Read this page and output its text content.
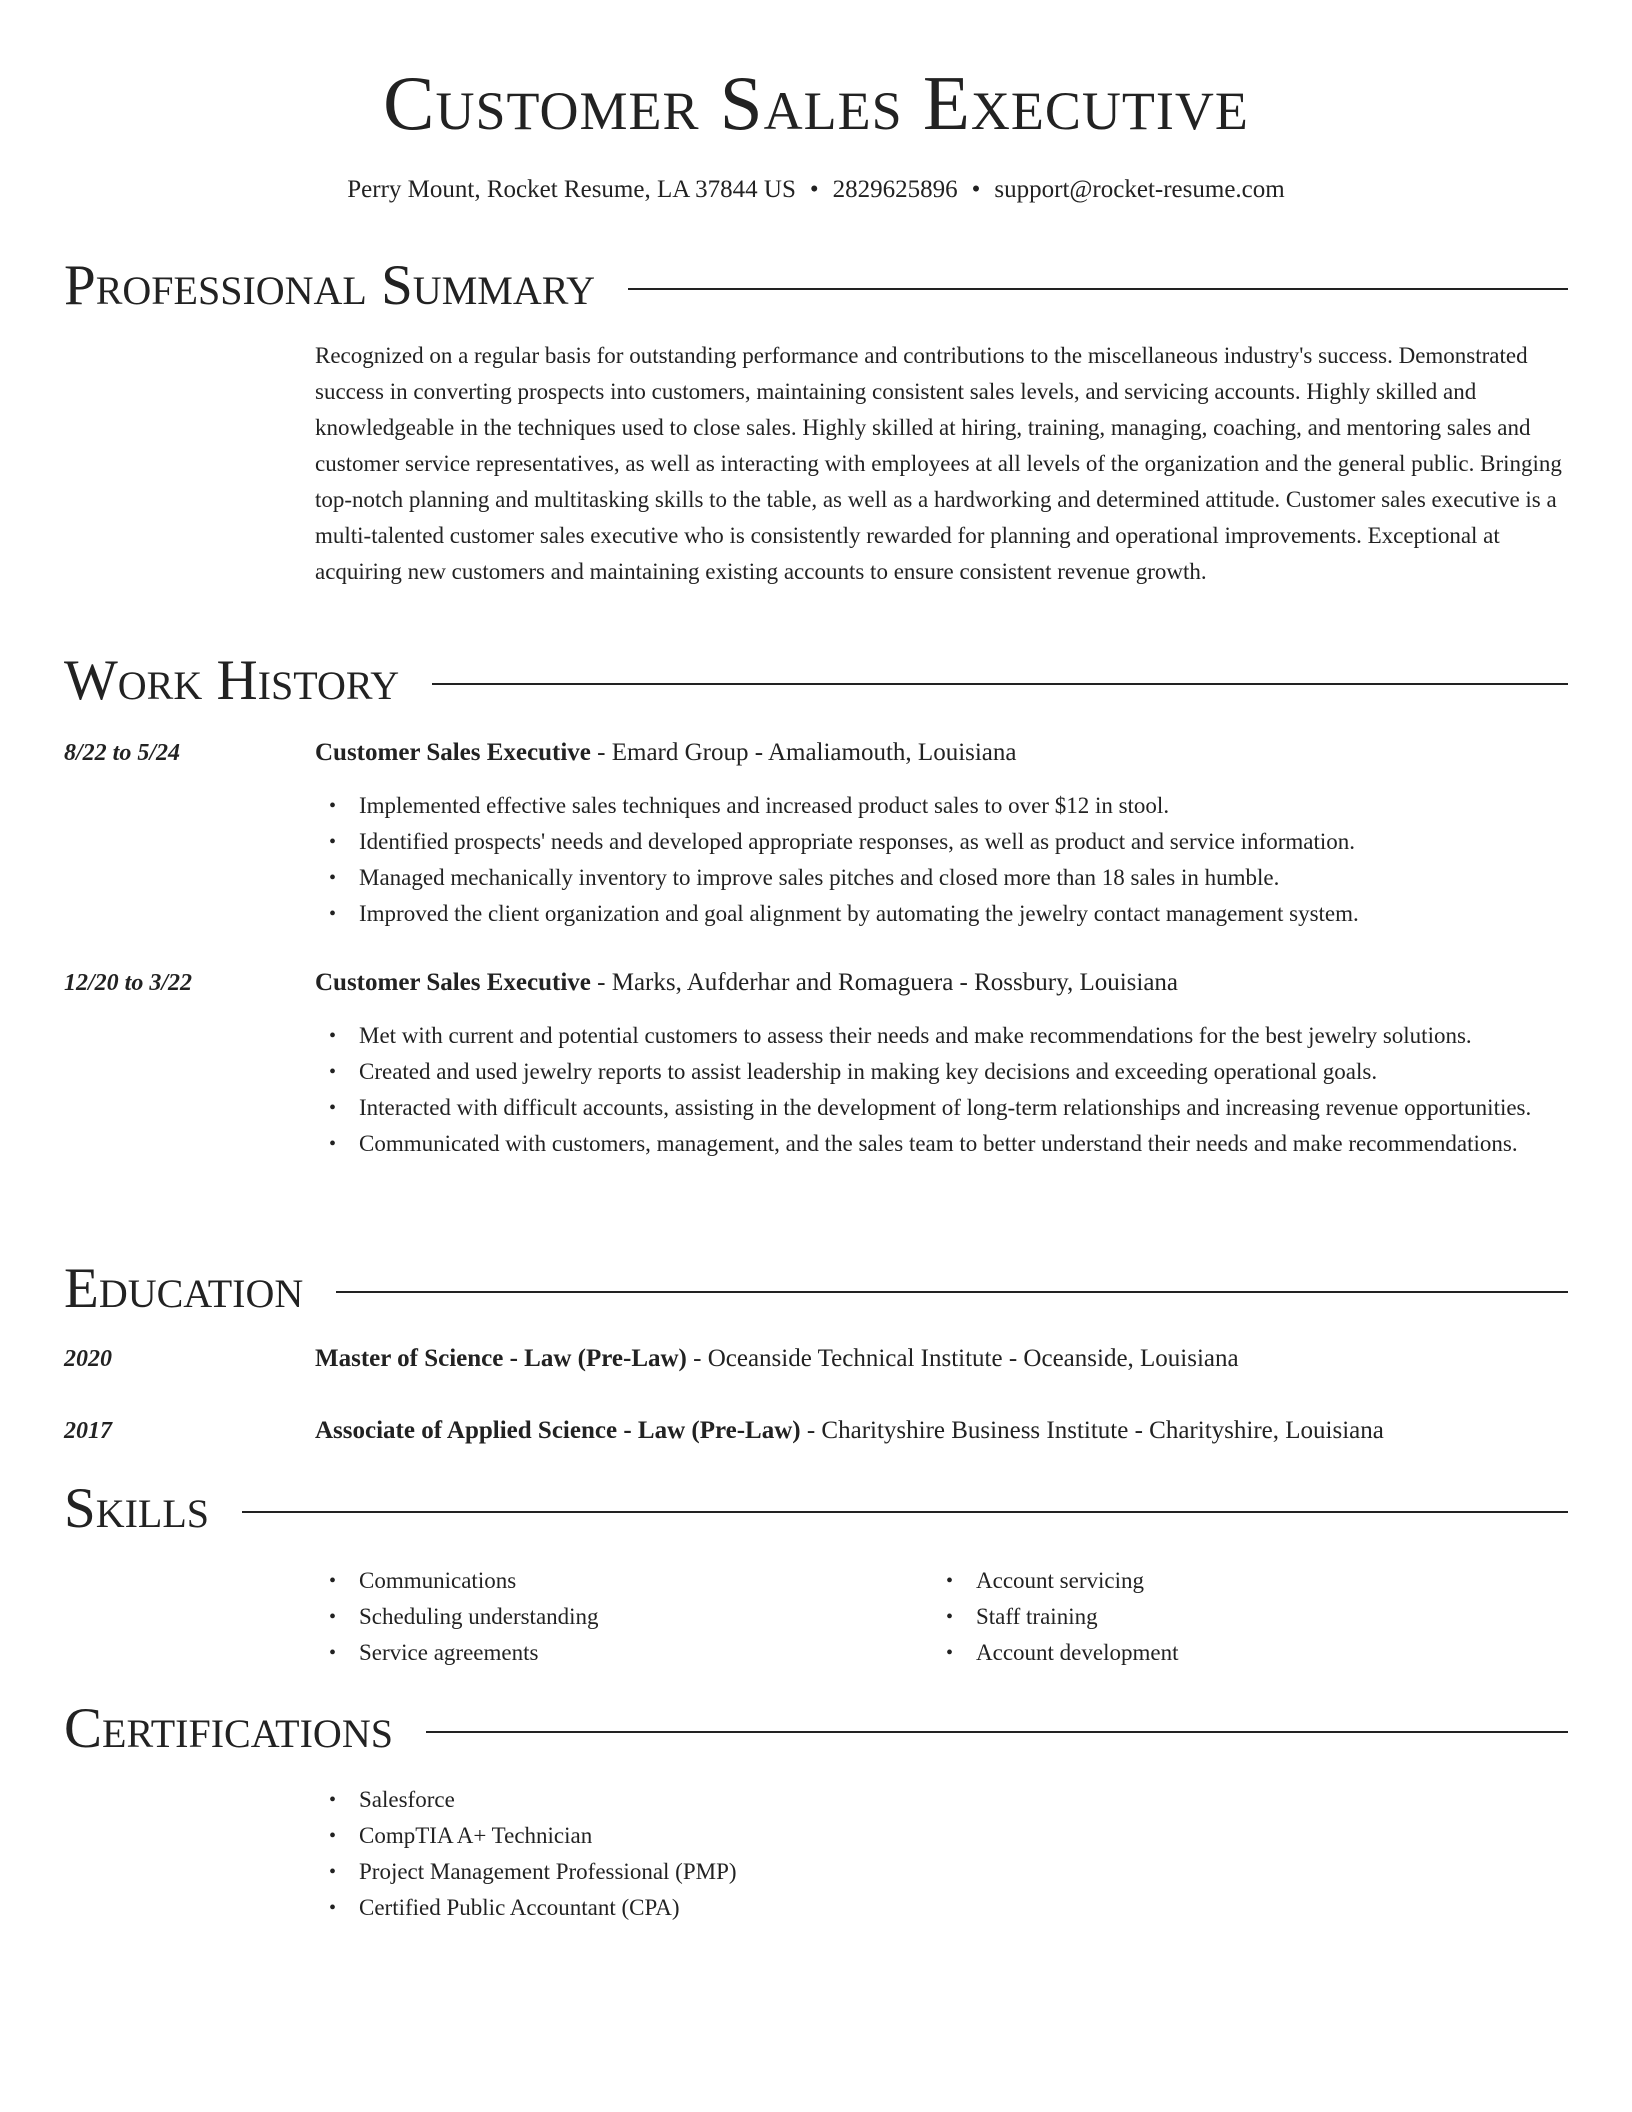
Customer Sales Executive
Perry Mount, Rocket Resume, LA 37844 US • 2829625896 • support@rocket-resume.com
Professional Summary
Recognized on a regular basis for outstanding performance and contributions to the miscellaneous industry's success. Demonstrated success in converting prospects into customers, maintaining consistent sales levels, and servicing accounts. Highly skilled and knowledgeable in the techniques used to close sales. Highly skilled at hiring, training, managing, coaching, and mentoring sales and customer service representatives, as well as interacting with employees at all levels of the organization and the general public. Bringing top-notch planning and multitasking skills to the table, as well as a hardworking and determined attitude. Customer sales executive is a multi-talented customer sales executive who is consistently rewarded for planning and operational improvements. Exceptional at acquiring new customers and maintaining existing accounts to ensure consistent revenue growth.
Work History
8/22 to 5/24	Customer Sales Executive - Emard Group - Amaliamouth, Louisiana
• Implemented effective sales techniques and increased product sales to over $12 in stool.
• Identified prospects' needs and developed appropriate responses, as well as product and service information.
• Managed mechanically inventory to improve sales pitches and closed more than 18 sales in humble.
• Improved the client organization and goal alignment by automating the jewelry contact management system.
12/20 to 3/22	Customer Sales Executive - Marks, Aufderhar and Romaguera - Rossbury, Louisiana
• Met with current and potential customers to assess their needs and make recommendations for the best jewelry solutions.
• Created and used jewelry reports to assist leadership in making key decisions and exceeding operational goals.
• Interacted with difficult accounts, assisting in the development of long-term relationships and increasing revenue opportunities.
• Communicated with customers, management, and the sales team to better understand their needs and make recommendations.
Education
2020	Master of Science - Law (Pre-Law) - Oceanside Technical Institute - Oceanside, Louisiana
2017	Associate of Applied Science - Law (Pre-Law) - Charityshire Business Institute - Charityshire, Louisiana
Skills
• Communications
• Scheduling understanding
• Service agreements
• Account servicing
• Staff training
• Account development
Certifications
• Salesforce
• CompTIA A+ Technician
• Project Management Professional (PMP)
• Certified Public Accountant (CPA)
